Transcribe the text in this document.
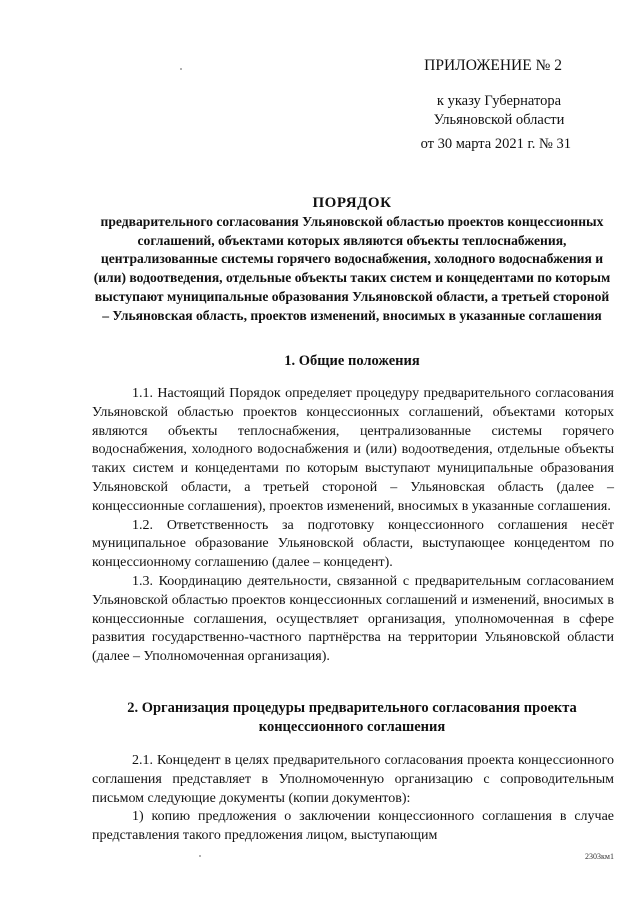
ПРИЛОЖЕНИЕ № 2
к указу Губернатора
Ульяновской области
от 30 марта 2021 г. № 31
ПОРЯДОК
предварительного согласования Ульяновской областью проектов концессионных соглашений, объектами которых являются объекты теплоснабжения, централизованные системы горячего водоснабжения, холодного водоснабжения и (или) водоотведения, отдельные объекты таких систем и концедентами по которым выступают муниципальные образования Ульяновской области, а третьей стороной – Ульяновская область, проектов изменений, вносимых в указанные соглашения
1. Общие положения

1.1. Настоящий Порядок определяет процедуру предварительного согласования Ульяновской областью проектов концессионных соглашений, объектами которых являются объекты теплоснабжения, централизованные системы горячего водоснабжения, холодного водоснабжения и (или) водоотведения, отдельные объекты таких систем и концедентами по которым выступают муниципальные образования Ульяновской области, а третьей стороной – Ульяновская область (далее – концессионные соглашения), проектов изменений, вносимых в указанные соглашения.

1.2. Ответственность за подготовку концессионного соглашения несёт муниципальное образование Ульяновской области, выступающее концедентом по концессионному соглашению (далее – концедент).

1.3. Координацию деятельности, связанной с предварительным согласованием Ульяновской областью проектов концессионных соглашений и изменений, вносимых в концессионные соглашения, осуществляет организация, уполномоченная в сфере развития государственно-частного партнёрства на территории Ульяновской области (далее – Уполномоченная организация).

2. Организация процедуры предварительного согласования проекта концессионного соглашения

2.1. Концедент в целях предварительного согласования проекта концессионного соглашения представляет в Уполномоченную организацию с сопроводительным письмом следующие документы (копии документов):

1) копию предложения о заключении концессионного соглашения в случае представления такого предложения лицом, выступающим

2303км1
